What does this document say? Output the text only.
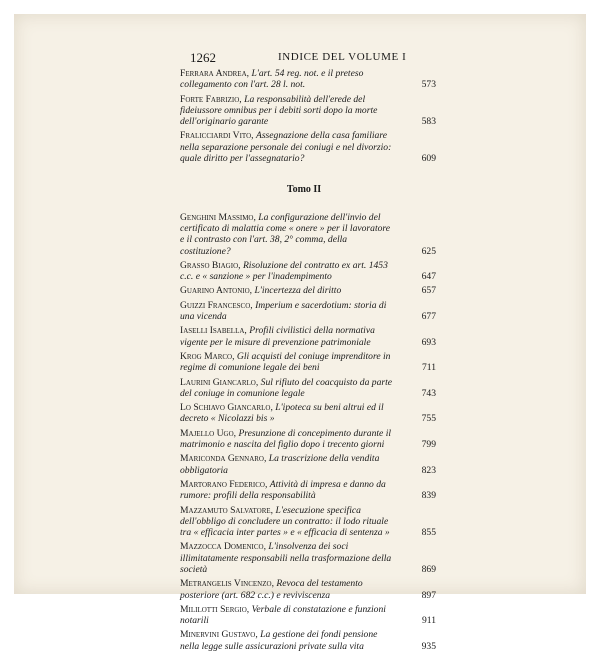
1262	INDICE DEL VOLUME I
Ferrara Andrea, L'art. 54 reg. not. e il preteso collegamento con l'art. 28 l. not.	573
Forte Fabrizio, La responsabilità dell'erede del fideiussore omnibus per i debiti sorti dopo la morte dell'originario garante	583
Fralicciardi Vito, Assegnazione della casa familiare nella separazione personale dei coniugi e nel divorzio: quale diritto per l'assegnatario?	609
Tomo II
Genghini Massimo, La configurazione dell'invio del certificato di malattia come « onere » per il lavoratore e il contrasto con l'art. 38, 2° comma, della costituzione?	625
Grasso Biagio, Risoluzione del contratto ex art. 1453 c.c. e « sanzione » per l'inadempimento	647
Guarino Antonio, L'incertezza del diritto	657
Guizzi Francesco, Imperium e sacerdotium: storia di una vicenda	677
Iaselli Isabella, Profili civilistici della normativa vigente per le misure di prevenzione patrimoniale	693
Krog Marco, Gli acquisti del coniuge imprenditore in regime di comunione legale dei beni	711
Laurini Giancarlo, Sul rifiuto del coacquisto da parte del coniuge in comunione legale	743
Lo Schiavo Giancarlo, L'ipoteca su beni altrui ed il decreto « Nicolazzi bis »	755
Majello Ugo, Presunzione di concepimento durante il matrimonio e nascita del figlio dopo i trecento giorni	799
Mariconda Gennaro, La trascrizione della vendita obbligatoria	823
Martorano Federico, Attività di impresa e danno da rumore: profili della responsabilità	839
Mazzamuto Salvatore, L'esecuzione specifica dell'obbligo di concludere un contratto: il lodo rituale tra « efficacia inter partes » e « efficacia di sentenza »	855
Mazzocca Domenico, L'insolvenza dei soci illimitatamente responsabili nella trasformazione della società	869
Metrangelis Vincenzo, Revoca del testamento posteriore (art. 682 c.c.) e reviviscenza	897
Mililotti Sergio, Verbale di constatazione e funzioni notarili	911
Minervini Gustavo, La gestione dei fondi pensione nella legge sulle assicurazioni private sulla vita	935
